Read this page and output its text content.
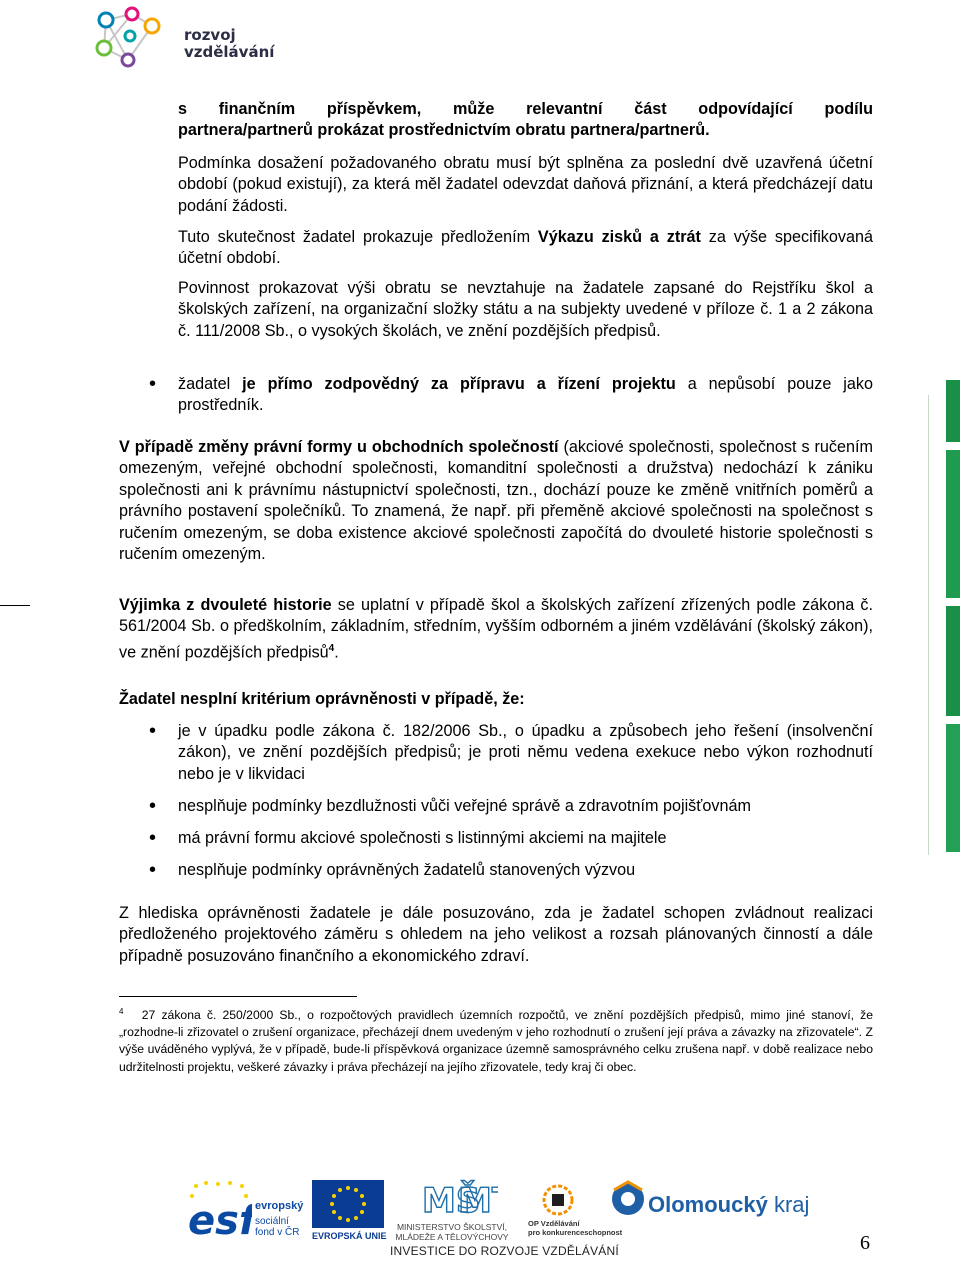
rozvoj
vzdělávání
s finančním příspěvkem, může relevantní část odpovídající podílu
partnera/partnerů prokázat prostřednictvím obratu partnera/partnerů.
Podmínka dosažení požadovaného obratu musí být splněna za poslední dvě uzavřená účetní období (pokud existují), za která měl žadatel odevzdat daňová přiznání, a která předcházejí datu podání žádosti.
Tuto skutečnost žadatel prokazuje předložením Výkazu zisků a ztrát za výše specifikovaná účetní období.
Povinnost prokazovat výši obratu se nevztahuje na žadatele zapsané do Rejstříku škol a školských zařízení, na organizační složky státu a na subjekty uvedené v příloze č. 1 a 2 zákona č. 111/2008 Sb., o vysokých školách, ve znění pozdějších předpisů.
• žadatel je přímo zodpovědný za přípravu a řízení projektu a nepůsobí pouze jako prostředník.
V případě změny právní formy u obchodních společností (akciové společnosti, společnost s ručením omezeným, veřejné obchodní společnosti, komanditní společnosti a družstva) nedochází k zániku společnosti ani k právnímu nástupnictví společnosti, tzn., dochází pouze ke změně vnitřních poměrů a právního postavení společníků. To znamená, že např. při přeměně akciové společnosti na společnost s ručením omezeným, se doba existence akciové společnosti započítá do dvouleté historie společnosti s ručením omezeným.
Výjimka z dvouleté historie se uplatní v případě škol a školských zařízení zřízených podle zákona č. 561/2004 Sb. o předškolním, základním, středním, vyšším odborném a jiném vzdělávání (školský zákon), ve znění pozdějších předpisů$^4$.
Žadatel nesplní kritérium oprávněnosti v případě, že:
• je v úpadku podle zákona č. 182/2006 Sb., o úpadku a způsobech jeho řešení (insolvenční zákon), ve znění pozdějších předpisů; je proti němu vedena exekuce nebo výkon rozhodnutí nebo je v likvidaci
• nesplňuje podmínky bezdlužnosti vůči veřejné správě a zdravotním pojišťovnám
• má právní formu akciové společnosti s listinnými akciemi na majitele
• nesplňuje podmínky oprávněných žadatelů stanovených výzvou
Z hlediska oprávněnosti žadatele je dále posuzováno, zda je žadatel schopen zvládnout realizaci předloženého projektového záměru s ohledem na jeho velikost a rozsah plánovaných činností a dále případně posuzováno finančního a ekonomického zdraví.
$^4$ 27 zákona č. 250/2000 Sb., o rozpočtových pravidlech územních rozpočtů, ve znění pozdějších předpisů, mimo jiné stanoví, že „rozhodne-li zřizovatel o zrušení organizace, přecházejí dnem uvedeným v jeho rozhodnutí o zrušení její práva a závazky na zřizovatele“. Z výše uváděného vyplývá, že v případě, bude-li příspěvková organizace územně samosprávného celku zrušena např. v době realizace nebo udržitelnosti projektu, veškeré závazky i práva přecházejí na jejího zřizovatele, tedy kraj či obec.
esf
evropský
sociální
fond v ČR EVROPSKÁ UNIE
MŠ
M
MINISTERSTVO ŠKOLSTVÍ,
MLÁDEŽE A TĚLOVÝCHOVY
OP Vzdělávání
pro konkurenceschopnost
Olomoucký kraj
INVESTICE DO ROZVOJE VZDĚLÁVÁNÍ	6
